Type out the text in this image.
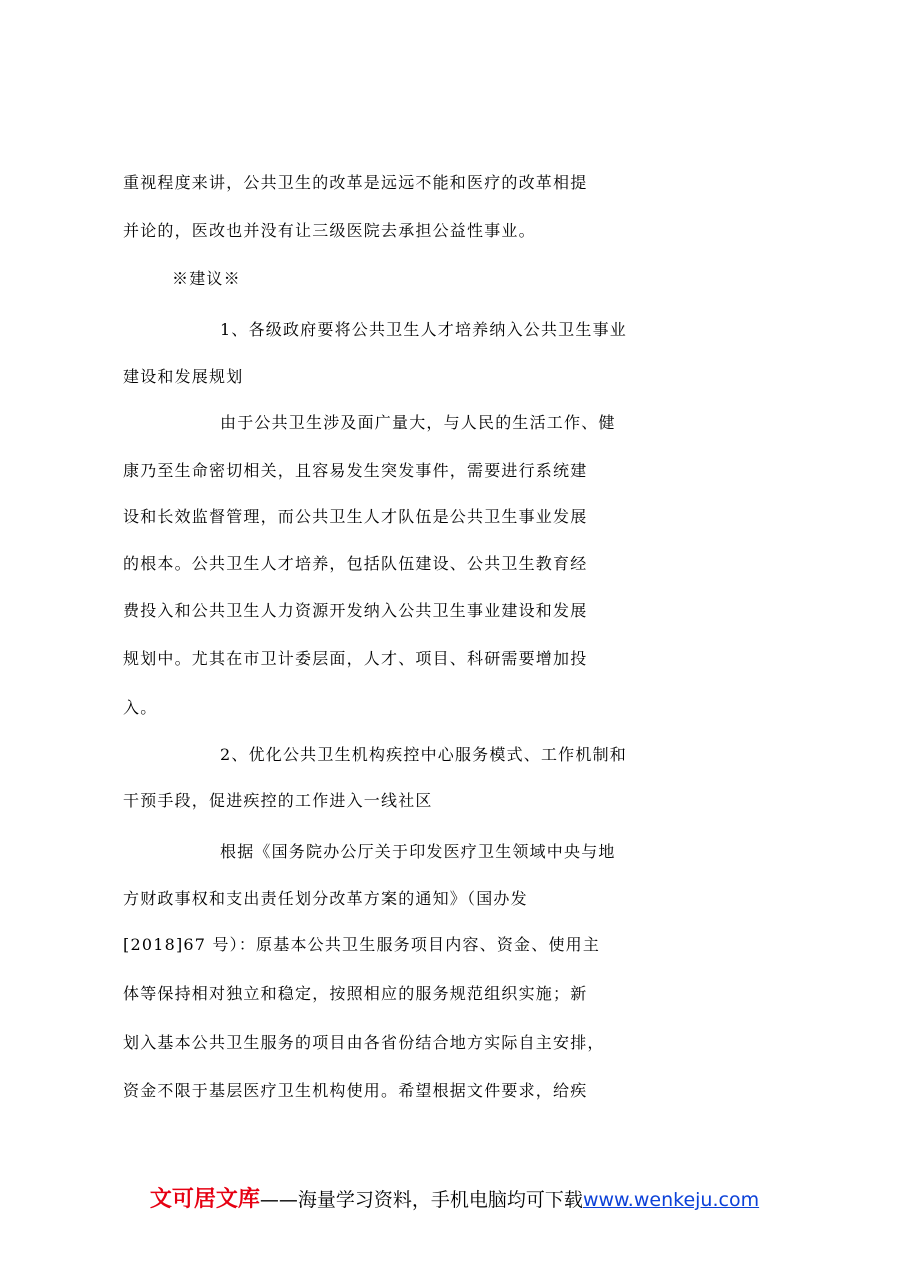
重视程度来讲，公共卫生的改革是远远不能和医疗的改革相提
并论的，医改也并没有让三级医院去承担公益性事业。
※建议※
1、各级政府要将公共卫生人才培养纳入公共卫生事业
建设和发展规划
由于公共卫生涉及面广量大，与人民的生活工作、健
康乃至生命密切相关，且容易发生突发事件，需要进行系统建
设和长效监督管理，而公共卫生人才队伍是公共卫生事业发展
的根本。公共卫生人才培养，包括队伍建设、公共卫生教育经
费投入和公共卫生人力资源开发纳入公共卫生事业建设和发展
规划中。尤其在市卫计委层面，人才、项目、科研需要增加投
入。
2、优化公共卫生机构疾控中心服务模式、工作机制和
干预手段，促进疾控的工作进入一线社区
根据《国务院办公厅关于印发医疗卫生领域中央与地
方财政事权和支出责任划分改革方案的通知》（国办发
[2018]67 号）：原基本公共卫生服务项目内容、资金、使用主
体等保持相对独立和稳定，按照相应的服务规范组织实施；新
划入基本公共卫生服务的项目由各省份结合地方实际自主安排，
资金不限于基层医疗卫生机构使用。希望根据文件要求，给疾
文可居文库——海量学习资料，手机电脑均可下载www.wenkeju.com
